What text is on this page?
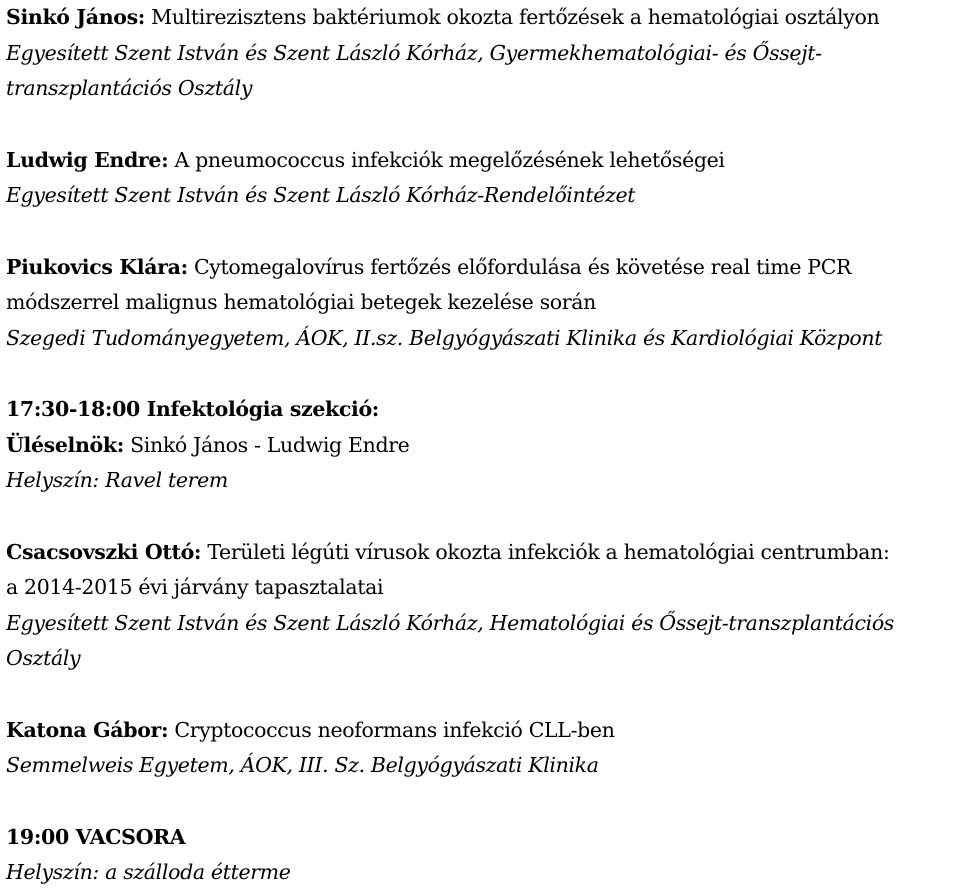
Sinkó János: Multirezisztens baktériumok okozta fertőzések a hematológiai osztályon
Egyesített Szent István és Szent László Kórház, Gyermekhematológiai- és Őssejt-
transzplantációs Osztály
Ludwig Endre: A pneumococcus infekciók megelőzésének lehetőségei
Egyesített Szent István és Szent László Kórház-Rendelőintézet
Piukovics Klára: Cytomegalovírus fertőzés előfordulása és követése real time PCR
módszerrel malignus hematológiai betegek kezelése során
Szegedi Tudományegyetem, ÁOK, II.sz. Belgyógyászati Klinika és Kardiológiai Központ
17:30-18:00 Infektológia szekció:
Üléselnök: Sinkó János - Ludwig Endre
Helyszín: Ravel terem
Csacsovszki Ottó: Területi légúti vírusok okozta infekciók a hematológiai centrumban:
a 2014-2015 évi járvány tapasztalatai
Egyesített Szent István és Szent László Kórház, Hematológiai és Őssejt-transzplantációs
Osztály
Katona Gábor: Cryptococcus neoformans infekció CLL-ben
Semmelweis Egyetem, ÁOK, III. Sz. Belgyógyászati Klinika
19:00 VACSORA
Helyszín: a szálloda étterme
